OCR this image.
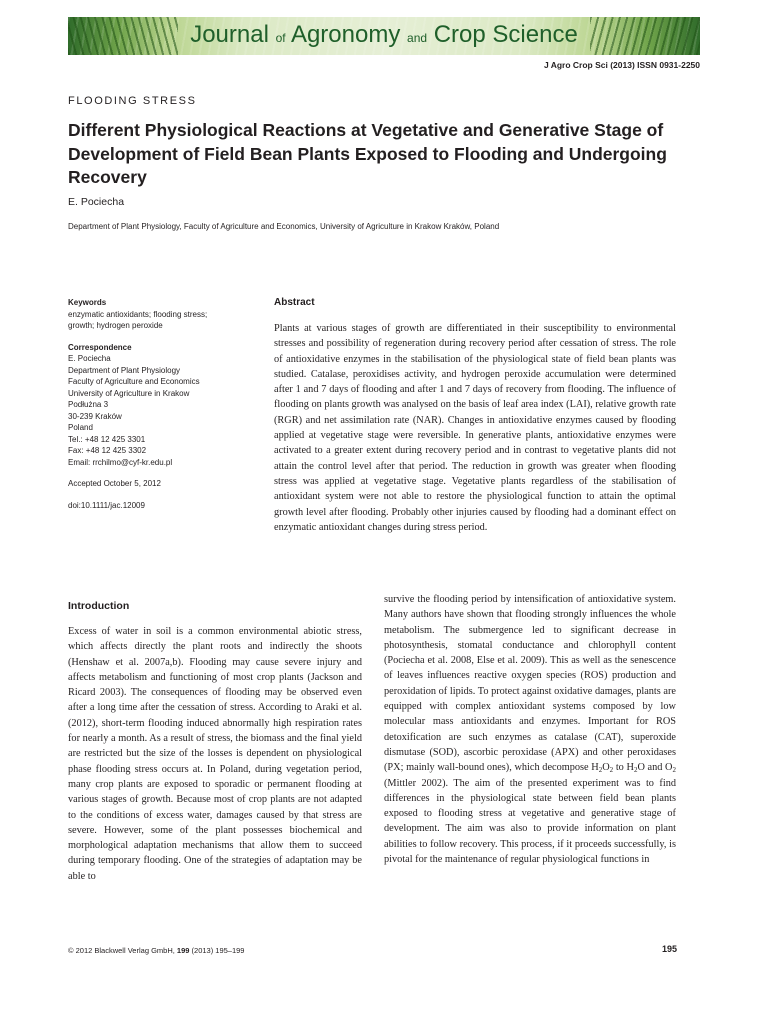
Journal of Agronomy and Crop Science
J Agro Crop Sci (2013) ISSN 0931-2250
FLOODING STRESS
Different Physiological Reactions at Vegetative and Generative Stage of Development of Field Bean Plants Exposed to Flooding and Undergoing Recovery
E. Pociecha
Department of Plant Physiology, Faculty of Agriculture and Economics, University of Agriculture in Krakow Kraków, Poland
Keywords
enzymatic antioxidants; flooding stress;
growth; hydrogen peroxide
Correspondence
E. Pociecha
Department of Plant Physiology
Faculty of Agriculture and Economics
University of Agriculture in Krakow
Podłużna 3
30-239 Kraków
Poland
Tel.: +48 12 425 3301
Fax: +48 12 425 3302
Email: rrchilmo@cyf-kr.edu.pl
Accepted October 5, 2012
doi:10.1111/jac.12009
Abstract

Plants at various stages of growth are differentiated in their susceptibility to environmental stresses and possibility of regeneration during recovery period after cessation of stress. The role of antioxidative enzymes in the stabilisation of the physiological state of field bean plants was studied. Catalase, peroxidises activity, and hydrogen peroxide accumulation were determined after 1 and 7 days of flooding and after 1 and 7 days of recovery from flooding. The influence of flooding on plants growth was analysed on the basis of leaf area index (LAI), relative growth rate (RGR) and net assimilation rate (NAR). Changes in antioxidative enzymes caused by flooding applied at vegetative stage were reversible. In generative plants, antioxidative enzymes were activated to a greater extent during recovery period and in contrast to vegetative plants did not attain the control level after that period. The reduction in growth was greater when flooding stress was applied at vegetative stage. Vegetative plants regardless of the stabilisation of antioxidant system were not able to restore the physiological function to attain the optimal growth level after flooding. Probably other injuries caused by flooding had a dominant effect on enzymatic antioxidant changes during stress period.

Introduction

Excess of water in soil is a common environmental abiotic stress, which affects directly the plant roots and indirectly the shoots (Henshaw et al. 2007a,b). Flooding may cause severe injury and affects metabolism and functioning of most crop plants (Jackson and Ricard 2003). The consequences of flooding may be observed even after a long time after the cessation of stress. According to Araki et al. (2012), short-term flooding induced abnormally high respiration rates for nearly a month. As a result of stress, the biomass and the final yield are restricted but the size of the losses is dependent on physiological phase flooding stress occurs at. In Poland, during vegetation period, many crop plants are exposed to sporadic or permanent flooding at various stages of growth. Because most of crop plants are not adapted to the conditions of excess water, damages caused by that stress are severe. However, some of the plant possesses biochemical and morphological adaptation mechanisms that allow them to succeed during temporary flooding. One of the strategies of adaptation may be able to

survive the flooding period by intensification of antioxidative system. Many authors have shown that flooding strongly influences the whole metabolism. The submergence led to significant decrease in photosynthesis, stomatal conductance and chlorophyll content (Pociecha et al. 2008, Else et al. 2009). This as well as the senescence of leaves influences reactive oxygen species (ROS) production and peroxidation of lipids. To protect against oxidative damages, plants are equipped with complex antioxidant systems composed by low molecular mass antioxidants and enzymes. Important for ROS detoxification are such enzymes as catalase (CAT), superoxide dismutase (SOD), ascorbic peroxidase (APX) and other peroxidases (PX; mainly wall-bound ones), which decompose $H_2O_2$ to $H_2O$ and $O_2$ (Mittler 2002). The aim of the presented experiment was to find differences in the physiological state between field bean plants exposed to flooding stress at vegetative and generative stage of development. The aim was also to provide information on plant abilities to follow recovery. This process, if it proceeds successfully, is pivotal for the maintenance of regular physiological functions in

© 2012 Blackwell Verlag GmbH, 199 (2013) 195–199	195
